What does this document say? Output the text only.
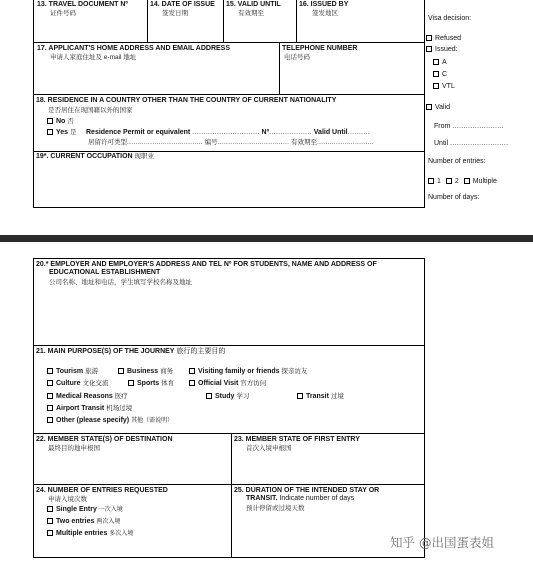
13. TRAVEL DOCUMENT Nº
证件号码
14. DATE OF ISSUE
签发日期
15. VALID UNTIL
有效期至
16. ISSUED BY
签发地区
17. APPLICANT'S HOME ADDRESS AND EMAIL ADDRESS
申请人家庭住址及 e-mail 地址
TELEPHONE NUMBER
电话号码
18. RESIDENCE IN A COUNTRY OTHER THAN THE COUNTRY OF CURRENT NATIONALITY
是否居住在现国籍以外的国家
No 否
Yes 是 Residence Permit or equivalent .............................. Nº................... Valid Until..........
居留许可类型.................................... 编号.................................. 有效期至...........................
19*. CURRENT OCCUPATION 现职业
Visa decision:
Refused
Issued:
A
C
VTL
Valid
From .......................
Until ..........................
Number of entries:
1 2 Multiple
Number of days:
20.* EMPLOYER AND EMPLOYER'S ADDRESS AND TEL Nº FOR STUDENTS, NAME AND ADDRESS OF
EDUCATIONAL ESTABLISHMENT
公司名称、地址和电话，学生填写学校名称及地址
21. MAIN PURPOSE(S) OF THE JOURNEY 旅行的主要目的
Tourism 旅游	Business 商务	Visiting family or friends 探亲访友
Culture 文化交流	Sports 体育	Official Visit 官方访问
Medical Reasons 医疗	Study 学习	Transit 过境
Airport Transit 机场过境
Other (please specify) 其他（需说明）
22. MEMBER STATE(S) OF DESTINATION
最终目的地申根国
23. MEMBER STATE OF FIRST ENTRY
首次入境申根国
24. NUMBER OF ENTRIES REQUESTED
申请入境次数
Single Entry 一次入境
Two entries 两次入境
Multiple entries 多次入境
25. DURATION OF THE INTENDED STAY OR
TRANSIT. Indicate number of days
预计停留或过境天数
知乎 @出国蛋表姐
